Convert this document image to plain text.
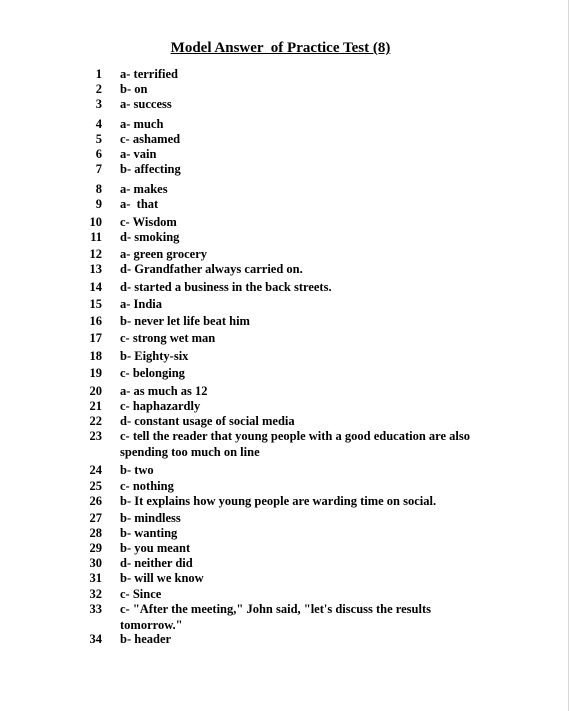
Model Answer  of Practice Test (8)
1 a- terrified
2 b- on
3 a- success
4 a- much
5 c- ashamed
6 a- vain
7 b- affecting
8 a- makes
9 a-  that
10 c- Wisdom
11 d- smoking
12 a- green grocery
13 d- Grandfather always carried on.
14 d- started a business in the back streets.
15 a- India
16 b- never let life beat him
17 c- strong wet man
18 b- Eighty-six
19 c- belonging
20 a- as much as 12
21 c- haphazardly
22 d- constant usage of social media
23 c- tell the reader that young people with a good education are also
spending too much on line
24 b- two
25 c- nothing
26 b- It explains how young people are warding time on social.
27 b- mindless
28 b- wanting
29 b- you meant
30 d- neither did
31 b- will we know
32 c- Since
33 c- "After the meeting," John said, "let's discuss the results
tomorrow."
34 b- header
